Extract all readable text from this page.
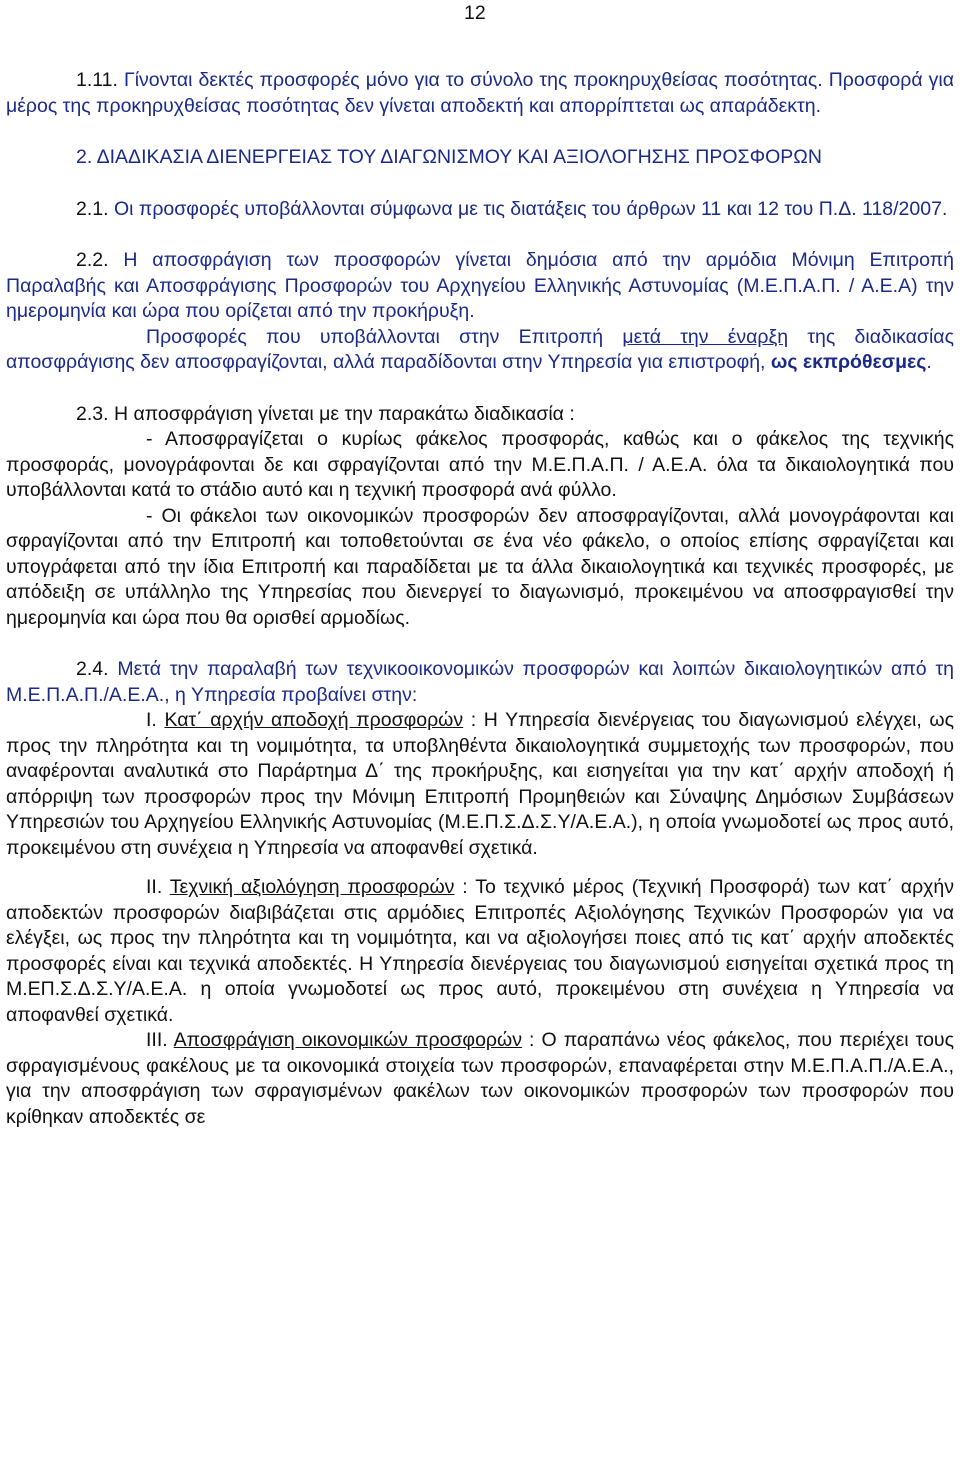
12

1.11. Γίνονται δεκτές προσφορές μόνο για το σύνολο της προκηρυχθείσας ποσότητας. Προσφορά για μέρος της προκηρυχθείσας ποσότητας δεν γίνεται αποδεκτή και απορρίπτεται ως απαράδεκτη.

2. ΔΙΑΔΙΚΑΣΙΑ ΔΙΕΝΕΡΓΕΙΑΣ ΤΟΥ ΔΙΑΓΩΝΙΣΜΟΥ ΚΑΙ ΑΞΙΟΛΟΓΗΣΗΣ ΠΡΟΣΦΟΡΩΝ

2.1. Οι προσφορές υποβάλλονται σύμφωνα με τις διατάξεις του άρθρων 11 και 12 του Π.Δ. 118/2007.

2.2. Η αποσφράγιση των προσφορών γίνεται δημόσια από την αρμόδια Μόνιμη Επιτροπή Παραλαβής και Αποσφράγισης Προσφορών του Αρχηγείου Ελληνικής Αστυνομίας (Μ.Ε.Π.Α.Π. / Α.Ε.Α) την ημερομηνία και ώρα που ορίζεται από την προκήρυξη.

Προσφορές που υποβάλλονται στην Επιτροπή μετά την έναρξη της διαδικασίας αποσφράγισης δεν αποσφραγίζονται, αλλά παραδίδονται στην Υπηρεσία για επιστροφή, ως εκπρόθεσμες.

2.3. Η αποσφράγιση γίνεται με την παρακάτω διαδικασία :

- Αποσφραγίζεται ο κυρίως φάκελος προσφοράς, καθώς και ο φάκελος της τεχνικής προσφοράς, μονογράφονται δε και σφραγίζονται από την Μ.Ε.Π.Α.Π. / Α.Ε.Α. όλα τα δικαιολογητικά που υποβάλλονται κατά το στάδιο αυτό και η τεχνική προσφορά ανά φύλλο.

- Οι φάκελοι των οικονομικών προσφορών δεν αποσφραγίζονται, αλλά μονογράφονται και σφραγίζονται από την Επιτροπή και τοποθετούνται σε ένα νέο φάκελο, ο οποίος επίσης σφραγίζεται και υπογράφεται από την ίδια Επιτροπή και παραδίδεται με τα άλλα δικαιολογητικά και τεχνικές προσφορές, με απόδειξη σε υπάλληλο της Υπηρεσίας που διενεργεί το διαγωνισμό, προκειμένου να αποσφραγισθεί την ημερομηνία και ώρα που θα ορισθεί αρμοδίως.

2.4. Μετά την παραλαβή των τεχνικοοικονομικών προσφορών και λοιπών δικαιολογητικών από τη Μ.Ε.Π.Α.Π./Α.Ε.Α., η Υπηρεσία προβαίνει στην:

Ι. Κατ΄ αρχήν αποδοχή προσφορών : Η Υπηρεσία διενέργειας του διαγωνισμού ελέγχει, ως προς την πληρότητα και τη νομιμότητα, τα υποβληθέντα δικαιολογητικά συμμετοχής των προσφορών, που αναφέρονται αναλυτικά στο Παράρτημα Δ΄ της προκήρυξης, και εισηγείται για την κατ΄ αρχήν αποδοχή ή απόρριψη των προσφορών προς την Μόνιμη Επιτροπή Προμηθειών και Σύναψης Δημόσιων Συμβάσεων Υπηρεσιών του Αρχηγείου Ελληνικής Αστυνομίας (Μ.Ε.Π.Σ.Δ.Σ.Υ/Α.Ε.Α.), η οποία γνωμοδοτεί ως προς αυτό, προκειμένου στη συνέχεια η Υπηρεσία να αποφανθεί σχετικά.

ΙΙ. Τεχνική αξιολόγηση προσφορών : Το τεχνικό μέρος (Τεχνική Προσφορά) των κατ΄ αρχήν αποδεκτών προσφορών διαβιβάζεται στις αρμόδιες Επιτροπές Αξιολόγησης Τεχνικών Προσφορών για να ελέγξει, ως προς την πληρότητα και τη νομιμότητα, και να αξιολογήσει ποιες από τις κατ΄ αρχήν αποδεκτές προσφορές είναι και τεχνικά αποδεκτές. Η Υπηρεσία διενέργειας του διαγωνισμού εισηγείται σχετικά προς τη Μ.ΕΠ.Σ.Δ.Σ.Υ/Α.Ε.Α. η οποία γνωμοδοτεί ως προς αυτό, προκειμένου στη συνέχεια η Υπηρεσία να αποφανθεί σχετικά.

ΙΙΙ. Αποσφράγιση οικονομικών προσφορών : Ο παραπάνω νέος φάκελος, που περιέχει τους σφραγισμένους φακέλους με τα οικονομικά στοιχεία των προσφορών, επαναφέρεται στην Μ.Ε.Π.Α.Π./Α.Ε.Α., για την αποσφράγιση των σφραγισμένων φακέλων των οικονομικών προσφορών των προσφορών που κρίθηκαν αποδεκτές σε
